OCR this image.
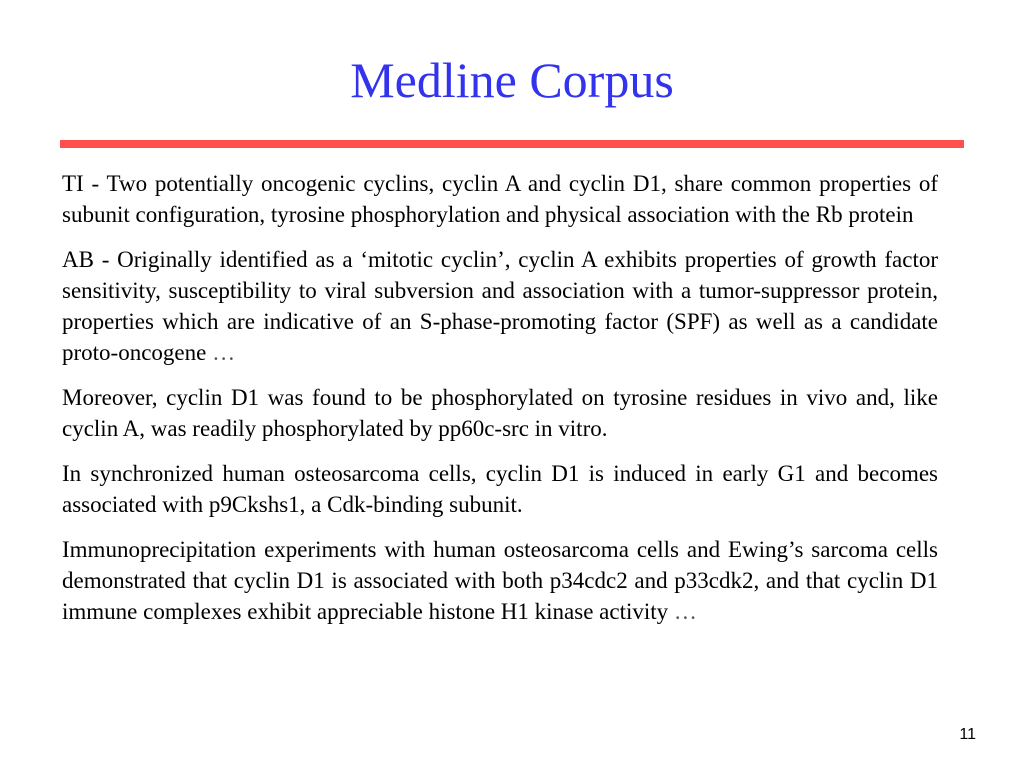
Medline Corpus

TI - Two potentially oncogenic cyclins, cyclin A and cyclin D1, share common properties of subunit configuration, tyrosine phosphorylation and physical association with the Rb protein

AB - Originally identified as a ‘mitotic cyclin’, cyclin A exhibits properties of growth factor sensitivity, susceptibility to viral subversion and association with a tumor-suppressor protein, properties which are indicative of an S-phase-promoting factor (SPF) as well as a candidate proto-oncogene …

Moreover, cyclin D1 was found to be phosphorylated on tyrosine residues in vivo and, like cyclin A, was readily phosphorylated by pp60c-src in vitro.

In synchronized human osteosarcoma cells, cyclin D1 is induced in early G1 and becomes associated with p9Ckshs1, a Cdk-binding subunit.

Immunoprecipitation experiments with human osteosarcoma cells and Ewing’s sarcoma cells demonstrated that cyclin D1 is associated with both p34cdc2 and p33cdk2, and that cyclin D1 immune complexes exhibit appreciable histone H1 kinase activity …

11
